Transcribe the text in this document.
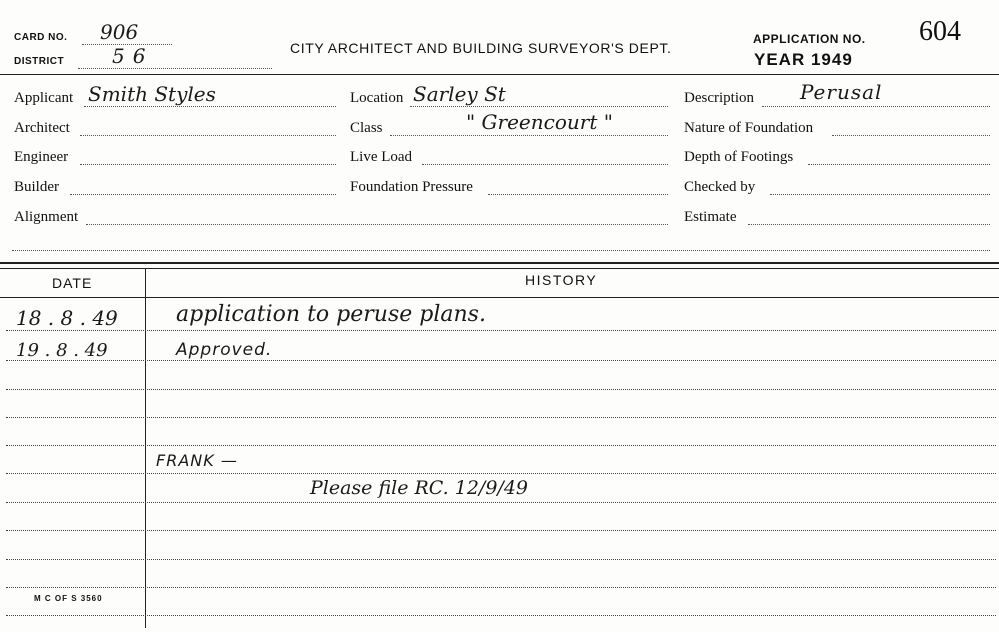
CARD NO. 906
DISTRICT 56	CITY ARCHITECT AND BUILDING SURVEYOR'S DEPT.
APPLICATION NO. 604
YEAR 1949
Applicant Smith Styles
Architect
Engineer
Builder
Alignment
Location Sarley St
Class	" Greencourt "
Live Load
Foundation Pressure
Description Perusal
Nature of Foundation
Depth of Footings
Checked by
Estimate
DATE	HISTORY
18 . 8 . 49	application to peruse plans.
19 . 8 . 49	Approved.
FRANK —
Please file RC. 12/9/49
M C OF S 3560
